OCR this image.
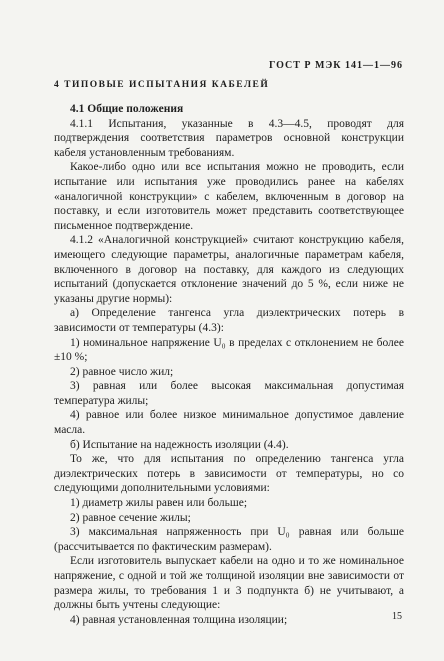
ГОСТ Р МЭК 141—1—96
4 ТИПОВЫЕ ИСПЫТАНИЯ КАБЕЛЕЙ

4.1 Общие положения

4.1.1 Испытания, указанные в 4.3—4.5, проводят для подтверждения соответствия параметров основной конструкции кабеля установленным требованиям.

Какое-либо одно или все испытания можно не проводить, если испытание или испытания уже проводились ранее на кабелях «аналогичной конструкции» с кабелем, включенным в договор на поставку, и если изготовитель может представить соответствующее письменное подтверждение.

4.1.2 «Аналогичной конструкцией» считают конструкцию кабеля, имеющего следующие параметры, аналогичные параметрам кабеля, включенного в договор на поставку, для каждого из следующих испытаний (допускается отклонение значений до 5 %, если ниже не указаны другие нормы):

а) Определение тангенса угла диэлектрических потерь в зависимости от температуры (4.3):

1) номинальное напряжение U₀ в пределах с отклонением не более ±10 %;

2) равное число жил;

3) равная или более высокая максимальная допустимая температура жилы;

4) равное или более низкое минимальное допустимое давление масла.

б) Испытание на надежность изоляции (4.4).

То же, что для испытания по определению тангенса угла диэлектрических потерь в зависимости от температуры, но со следующими дополнительными условиями:

1) диаметр жилы равен или больше;

2) равное сечение жилы;

3) максимальная напряженность при U₀ равная или больше (рассчитывается по фактическим размерам).

Если изготовитель выпускает кабели на одно и то же номинальное напряжение, с одной и той же толщиной изоляции вне зависимости от размера жилы, то требования 1 и 3 подпункта б) не учитывают, а должны быть учтены следующие:

4) равная установленная толщина изоляции;	15
